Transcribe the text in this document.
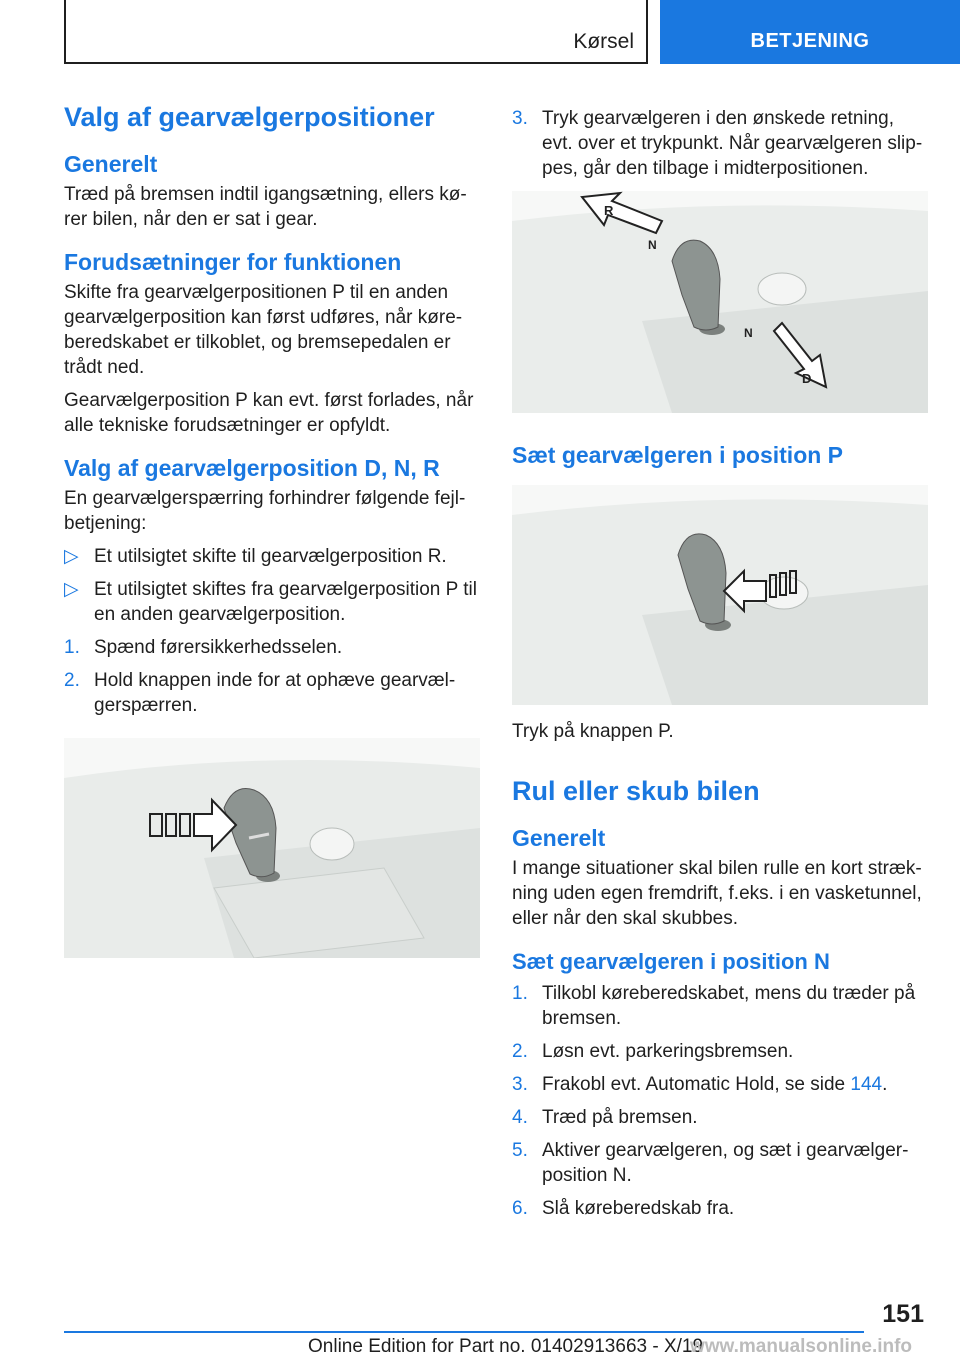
Kørsel	BETJENING
Valg af gearvælgerpositioner
Generelt

Træd på bremsen indtil igangsætning, ellers kø-rer bilen, når den er sat i gear.

Forudsætninger for funktionen

Skifte fra gearvælgerpositionen P til en anden gearvælgerposition kan først udføres, når køre-beredskabet er tilkoblet, og bremsepedalen er trådt ned.

Gearvælgerposition P kan evt. først forlades, når alle tekniske forudsætninger er opfyldt.

Valg af gearvælgerposition D, N, R

En gearvælgerspærring forhindrer følgende fejl-betjening:

▷ Et utilsigtet skifte til gearvælgerposition R.
▷ Et utilsigtet skiftes fra gearvælgerposition P til en anden gearvælgerposition.
1. Spænd førersikkerhedsselen.
2. Hold knappen inde for at ophæve gearvæl-gerspærren.
3. Tryk gearvælgeren i den ønskede retning, evt. over et trykpunkt. Når gearvælgeren slip-pes, går den tilbage i midterpositionen.
R
N
N
D
Sæt gearvælgeren i position P

Tryk på knappen P.

Rul eller skub bilen
Generelt

I mange situationer skal bilen rulle en kort stræk-ning uden egen fremdrift, f.eks. i en vasketunnel, eller når den skal skubbes.

Sæt gearvælgeren i position N
1. Tilkobl køreberedskabet, mens du træder på bremsen.
2. Løsn evt. parkeringsbremsen.
3. Frakobl evt. Automatic Hold, se side 144.
4. Træd på bremsen.
5. Aktiver gearvælgeren, og sæt i gearvælger-position N.
6. Slå køreberedskab fra.
151
Online Edition for Part no. 01402913663 - X/19
www.manualsonline.info
